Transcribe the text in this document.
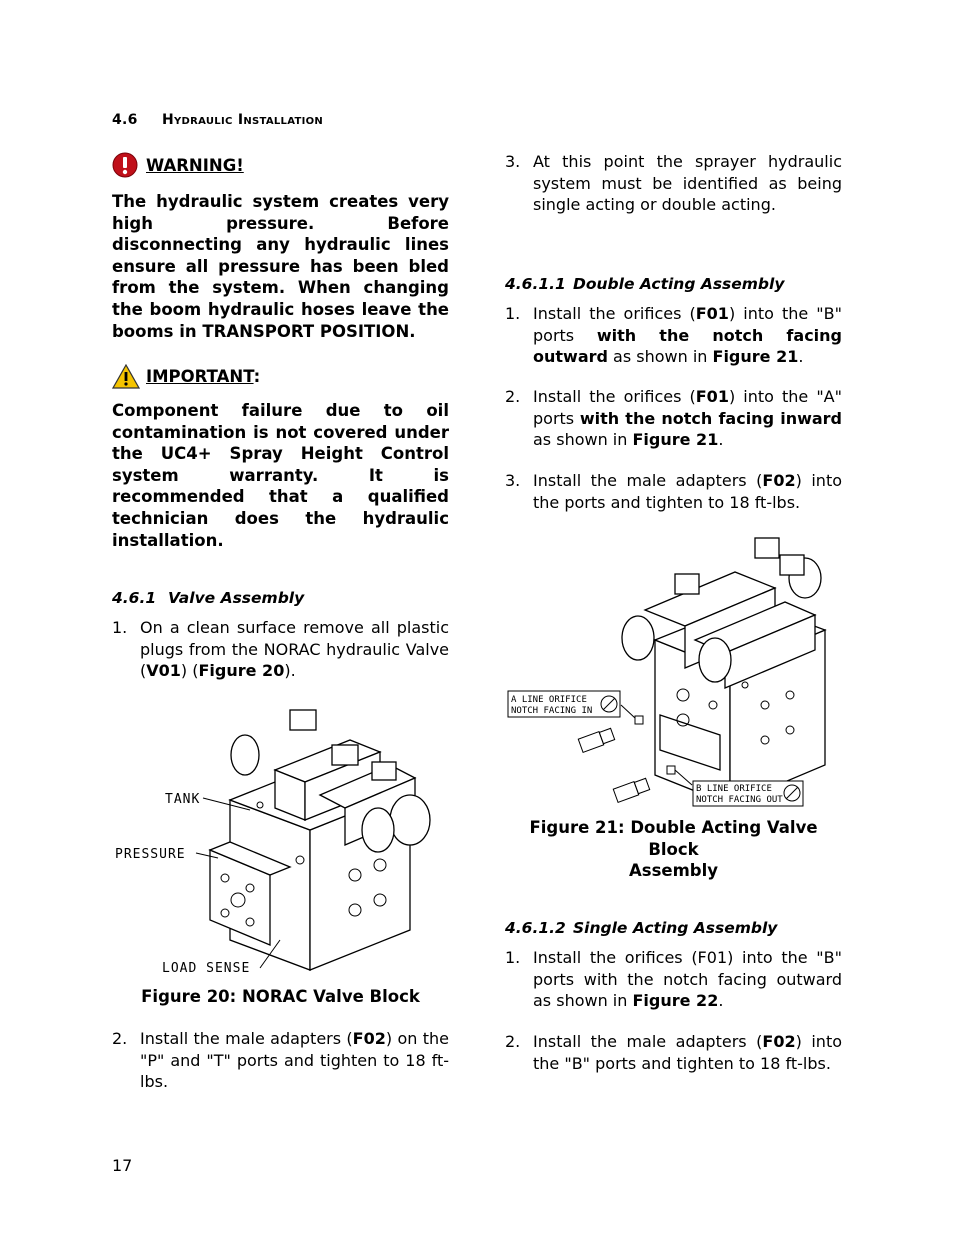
4.6 Hydraulic Installation
WARNING!
The hydraulic system creates very high pressure. Before disconnecting any hydraulic lines ensure all pressure has been bled from the system. When changing the boom hydraulic hoses leave the booms in TRANSPORT POSITION.
IMPORTANT:
Component failure due to oil contamination is not covered under the UC4+ Spray Height Control system warranty. It is recommended that a qualified technician does the hydraulic installation.
4.6.1 Valve Assembly
1. On a clean surface remove all plastic plugs from the NORAC hydraulic Valve (V01) (Figure 20).
TANK
PRESSURE
LOAD SENSE
Figure 20: NORAC Valve Block
2. Install the male adapters (F02) on the "P" and "T" ports and tighten to 18 ft-lbs.
3. At this point the sprayer hydraulic system must be identified as being single acting or double acting.
4.6.1.1 Double Acting Assembly
1. Install the orifices (F01) into the "B" ports with the notch facing outward as shown in Figure 21.
2. Install the orifices (F01) into the "A" ports with the notch facing inward as shown in Figure 21.
3. Install the male adapters (F02) into the ports and tighten to 18 ft-lbs.
A LINE ORIFICE
NOTCH FACING IN
B LINE ORIFICE
NOTCH FACING OUT
Figure 21: Double Acting Valve Block
Assembly
4.6.1.2 Single Acting Assembly
1. Install the orifices (F01) into the "B" ports with the notch facing outward as shown in Figure 22.
2. Install the male adapters (F02) into the "B" ports and tighten to 18 ft-lbs.
17
